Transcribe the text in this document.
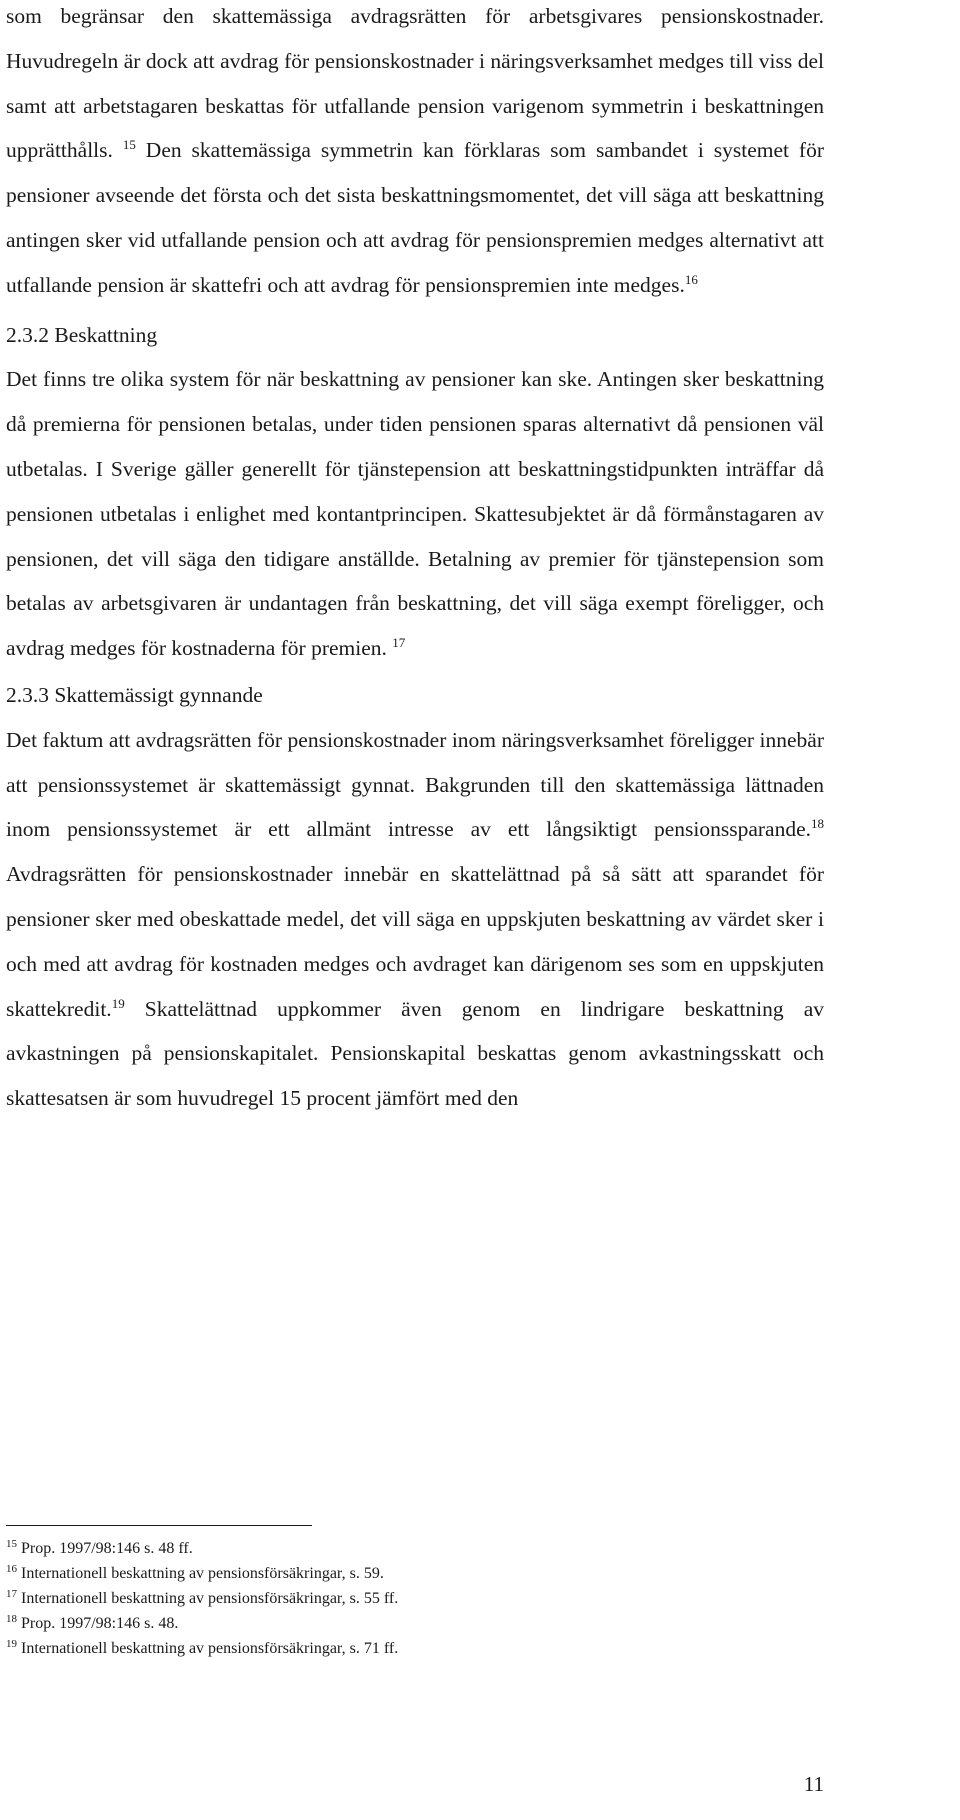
som begränsar den skattemässiga avdragsrätten för arbetsgivares pensionskostnader. Huvudregeln är dock att avdrag för pensionskostnader i näringsverksamhet medges till viss del samt att arbetstagaren beskattas för utfallande pension varigenom symmetrin i beskattningen upprätthålls. $^{15}$ Den skattemässiga symmetrin kan förklaras som sambandet i systemet för pensioner avseende det första och det sista beskattningsmomentet, det vill säga att beskattning antingen sker vid utfallande pension och att avdrag för pensionspremien medges alternativt att utfallande pension är skattefri och att avdrag för pensionspremien inte medges.$^{16}$

2.3.2 Beskattning

Det finns tre olika system för när beskattning av pensioner kan ske. Antingen sker beskattning då premierna för pensionen betalas, under tiden pensionen sparas alternativt då pensionen väl utbetalas. I Sverige gäller generellt för tjänstepension att beskattningstidpunkten inträffar då pensionen utbetalas i enlighet med kontantprincipen. Skattesubjektet är då förmånstagaren av pensionen, det vill säga den tidigare anställde. Betalning av premier för tjänstepension som betalas av arbetsgivaren är undantagen från beskattning, det vill säga exempt föreligger, och avdrag medges för kostnaderna för premien. $^{17}$

2.3.3 Skattemässigt gynnande

Det faktum att avdragsrätten för pensionskostnader inom näringsverksamhet föreligger innebär att pensionssystemet är skattemässigt gynnat. Bakgrunden till den skattemässiga lättnaden inom pensionssystemet är ett allmänt intresse av ett långsiktigt pensionssparande.$^{18}$ Avdragsrätten för pensionskostnader innebär en skattelättnad på så sätt att sparandet för pensioner sker med obeskattade medel, det vill säga en uppskjuten beskattning av värdet sker i och med att avdrag för kostnaden medges och avdraget kan därigenom ses som en uppskjuten skattekredit.$^{19}$ Skattelättnad uppkommer även genom en lindrigare beskattning av avkastningen på pensionskapitalet. Pensionskapital beskattas genom avkastningsskatt och skattesatsen är som huvudregel 15 procent jämfört med den

$^{15}$ Prop. 1997/98:146 s. 48 ff.

$^{16}$ Internationell beskattning av pensionsförsäkringar, s. 59.

$^{17}$ Internationell beskattning av pensionsförsäkringar, s. 55 ff.

$^{18}$ Prop. 1997/98:146 s. 48.

$^{19}$ Internationell beskattning av pensionsförsäkringar, s. 71 ff.

11
